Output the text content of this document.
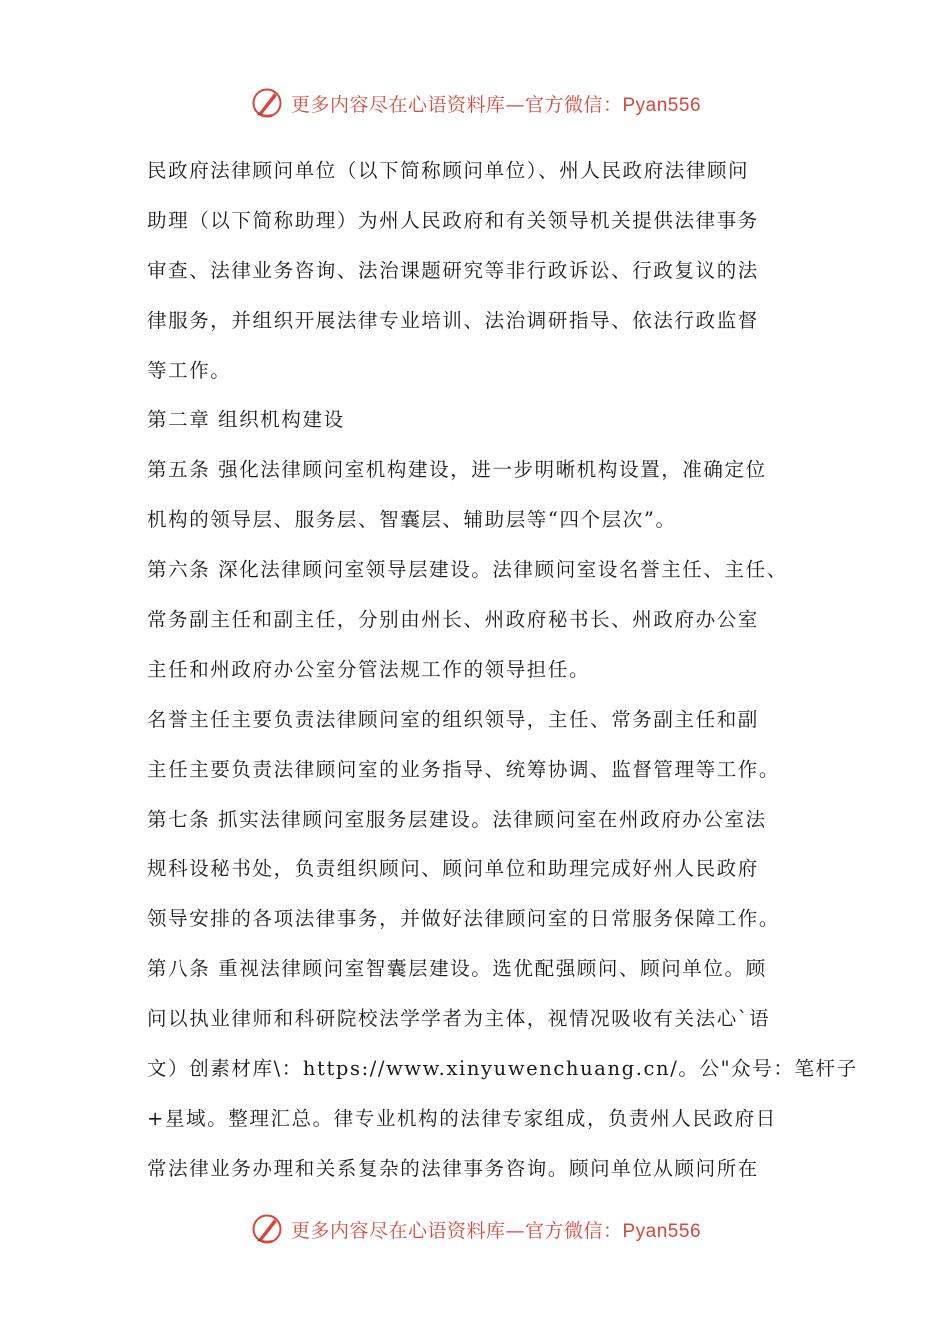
更多内容尽在心语资料库—官方微信：Pyan556
民政府法律顾问单位（以下简称顾问单位）、州人民政府法律顾问
助理（以下简称助理）为州人民政府和有关领导机关提供法律事务
审查、法律业务咨询、法治课题研究等非行政诉讼、行政复议的法
律服务，并组织开展法律专业培训、法治调研指导、依法行政监督
等工作。
第二章 组织机构建设
第五条 强化法律顾问室机构建设，进一步明晰机构设置，准确定位
机构的领导层、服务层、智囊层、辅助层等“四个层次”。
第六条 深化法律顾问室领导层建设。法律顾问室设名誉主任、主任、
常务副主任和副主任，分别由州长、州政府秘书长、州政府办公室
主任和州政府办公室分管法规工作的领导担任。
名誉主任主要负责法律顾问室的组织领导，主任、常务副主任和副
主任主要负责法律顾问室的业务指导、统筹协调、监督管理等工作。
第七条 抓实法律顾问室服务层建设。法律顾问室在州政府办公室法
规科设秘书处，负责组织顾问、顾问单位和助理完成好州人民政府
领导安排的各项法律事务，并做好法律顾问室的日常服务保障工作。
第八条 重视法律顾问室智囊层建设。选优配强顾问、顾问单位。顾
问以执业律师和科研院校法学学者为主体，视情况吸收有关法心`语
文）创素材库\：https://www.xinyuwenchuang.cn/。公"众号：笔杆子
+星域。整理汇总。律专业机构的法律专家组成，负责州人民政府日
常法律业务办理和关系复杂的法律事务咨询。顾问单位从顾问所在
更多内容尽在心语资料库—官方微信：Pyan556
